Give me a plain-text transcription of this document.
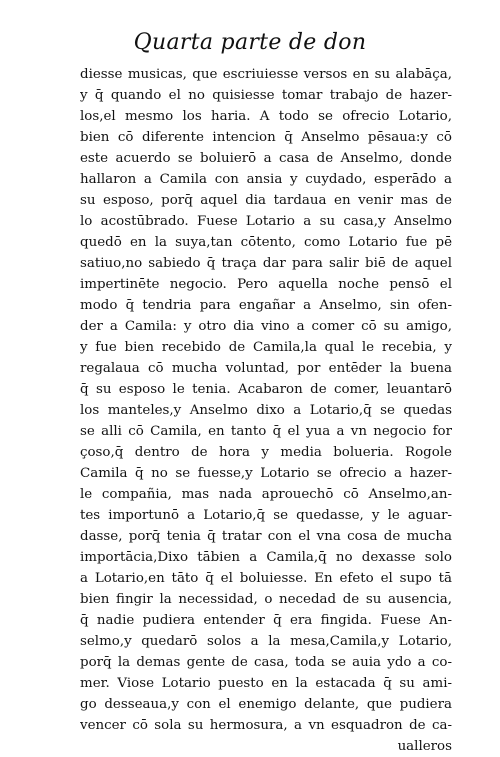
Quarta parte de don
diesse musicas, que escriuiesse versos en su alabāça,
y q̄ quando el no quisiesse tomar trabajo de hazer-
los,el mesmo los haria. A todo se ofrecio Lotario,
bien cō diferente intencion q̄ Anselmo pēsaua:y cō
este acuerdo se boluierō a casa de Anselmo, donde
hallaron a Camila con ansia y cuydado, esperādo a
su esposo, porq̄ aquel dia tardaua en venir mas de
lo acostūbrado. Fuese Lotario a su casa,y Anselmo
quedō en la suya,tan cōtento, como Lotario fue pē
satiuo,no sabiedo q̄ traça dar para salir biē de aquel
impertinēte negocio. Pero aquella noche pensō el
modo q̄ tendria para engañar a Anselmo, sin ofen-
der a Camila: y otro dia vino a comer cō su amigo,
y fue bien recebido de Camila,la qual le recebia, y
regalaua cō mucha voluntad, por entēder la buena
q̄ su esposo le tenia. Acabaron de comer, leuantarō
los manteles,y Anselmo dixo a Lotario,q̄ se quedas
se alli cō Camila, en tanto q̄ el yua a vn negocio for
çoso,q̄ dentro de hora y media bolueria. Rogole
Camila q̄ no se fuesse,y Lotario se ofrecio a hazer-
le compañia, mas nada aprouechō cō Anselmo,an-
tes importunō a Lotario,q̄ se quedasse, y le aguar-
dasse, porq̄ tenia q̄ tratar con el vna cosa de mucha
importācia,Dixo tābien a Camila,q̄ no dexasse solo
a Lotario,en tāto q̄ el boluiesse. En efeto el supo tā
bien fingir la necessidad, o necedad de su ausencia,
q̄ nadie pudiera entender q̄ era fingida. Fuese An-
selmo,y quedarō solos a la mesa,Camila,y Lotario,
porq̄ la demas gente de casa, toda se auia ydo a co-
mer. Viose Lotario puesto en la estacada q̄ su ami-
go desseaua,y con el enemigo delante, que pudiera
vencer cō sola su hermosura, a vn esquadron de ca-
ualleros
